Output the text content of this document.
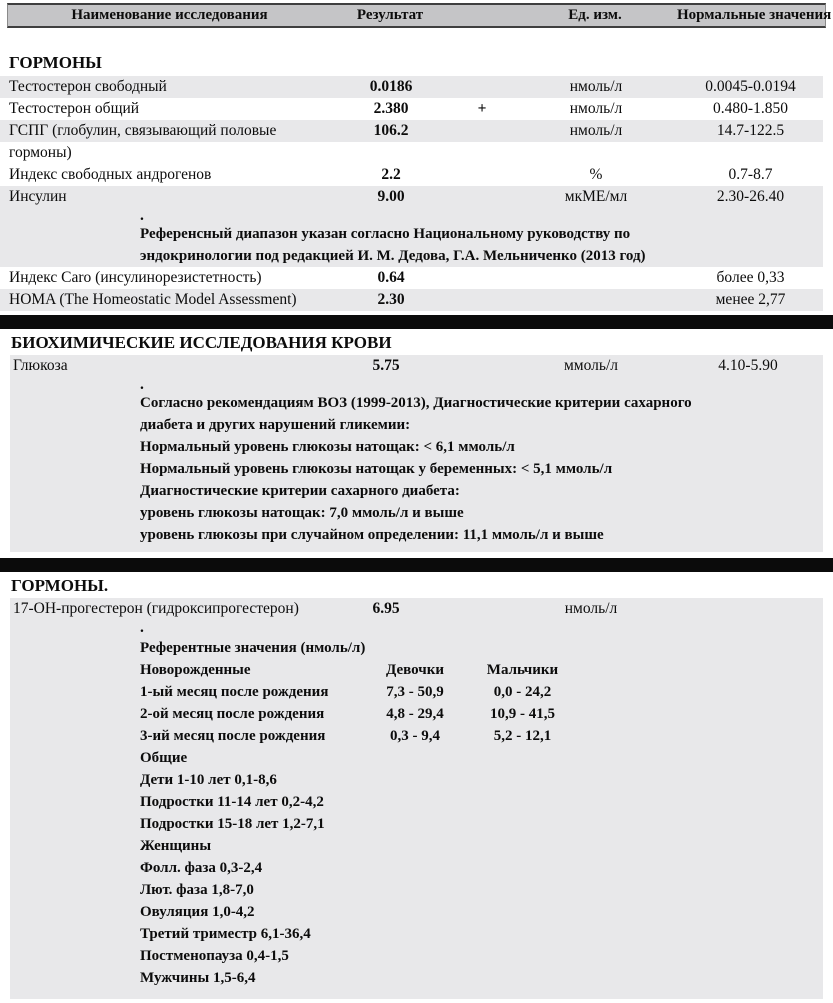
Наименование исследования	Результат	Ед. изм.	Нормальные значения
ГОРМОНЫ
Тестостерон свободный	0.0186	нмоль/л	0.0045-0.0194
Тестостерон общий	2.380	+	нмоль/л	0.480-1.850
ГСПГ (глобулин, связывающий половые гормоны)
106.2	нмоль/л	14.7-122.5
Индекс свободных андрогенов	2.2	%	0.7-8.7
Инсулин	9.00	мкМЕ/мл	2.30-26.40
.
Референсный диапазон указан согласно Национальному руководству по
эндокринологии под редакцией И. М. Дедова, Г.А. Мельниченко (2013 год)
Индекс Caro (инсулинорезистетность)	0.64	более 0,33
HOMA (The Homeostatic Model Assessment)	2.30	менее 2,77
БИОХИМИЧЕСКИЕ ИССЛЕДОВАНИЯ КРОВИ
Глюкоза	5.75	ммоль/л	4.10-5.90
.
Согласно рекомендациям ВОЗ (1999-2013), Диагностические критерии сахарного
диабета и других нарушений гликемии:
Нормальный уровень глюкозы натощак: < 6,1 ммоль/л
Нормальный уровень глюкозы натощак у беременных: < 5,1 ммоль/л
Диагностические критерии сахарного диабета:
уровень глюкозы натощак: 7,0 ммоль/л и выше
уровень глюкозы при случайном определении: 11,1 ммоль/л и выше
ГОРМОНЫ.
17-OH-прогестерон (гидроксипрогестерон)	6.95	нмоль/л
.
Референтные значения (нмоль/л)
Новорожденные	Девочки	Мальчики
1-ый месяц после рождения	7,3 - 50,9	0,0 - 24,2
2-ой месяц после рождения	4,8 - 29,4	10,9 - 41,5
3-ий месяц после рождения	0,3 - 9,4	5,2 - 12,1
Общие
Дети 1-10 лет 0,1-8,6
Подростки 11-14 лет 0,2-4,2
Подростки 15-18 лет 1,2-7,1
Женщины
Фолл. фаза 0,3-2,4
Лют. фаза 1,8-7,0
Овуляция 1,0-4,2
Третий триместр 6,1-36,4
Постменопауза 0,4-1,5
Мужчины 1,5-6,4
